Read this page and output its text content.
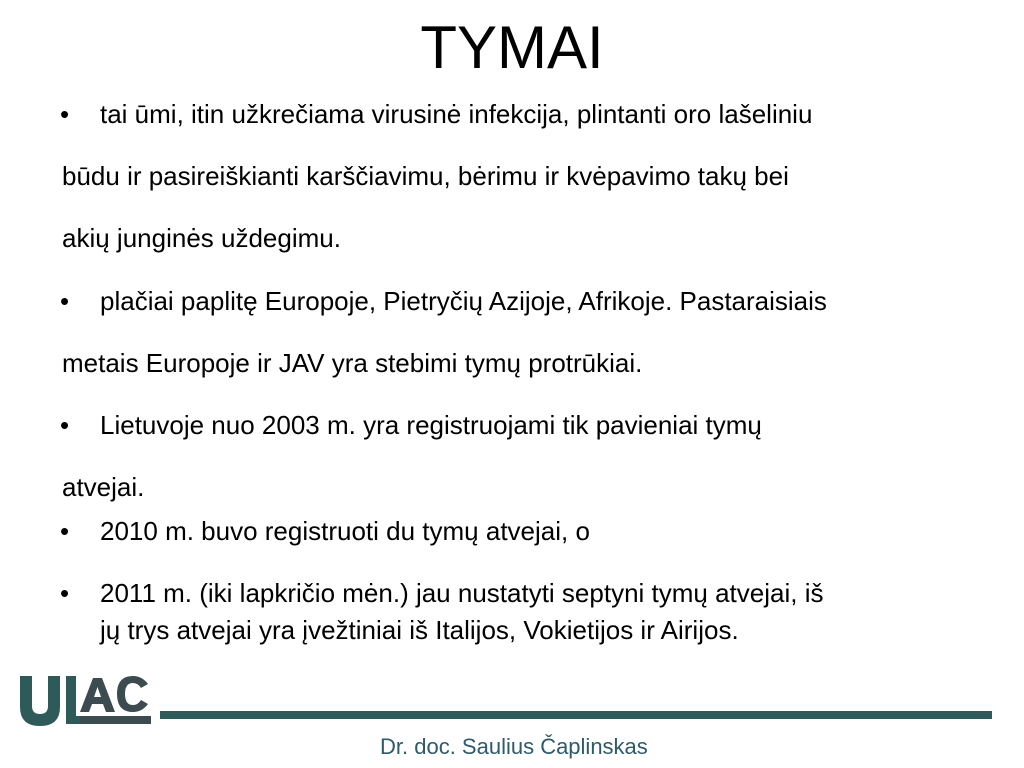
TYMAI
• tai ūmi, itin užkrečiama virusinė infekcija, plintanti oro lašeliniu
būdu ir pasireiškianti karščiavimu, bėrimu ir kvėpavimo takų bei
akių junginės uždegimu.
• plačiai paplitę Europoje, Pietryčių Azijoje, Afrikoje. Pastaraisiais
metais Europoje ir JAV yra stebimi tymų protrūkiai.
• Lietuvoje nuo 2003 m. yra registruojami tik pavieniai tymų
atvejai.
• 2010 m. buvo registruoti du tymų atvejai, o
• 2011 m. (iki lapkričio mėn.) jau nustatyti septyni tymų atvejai, iš
jų trys atvejai yra įvežtiniai iš Italijos, Vokietijos ir Airijos.
Dr. doc. Saulius Čaplinskas
